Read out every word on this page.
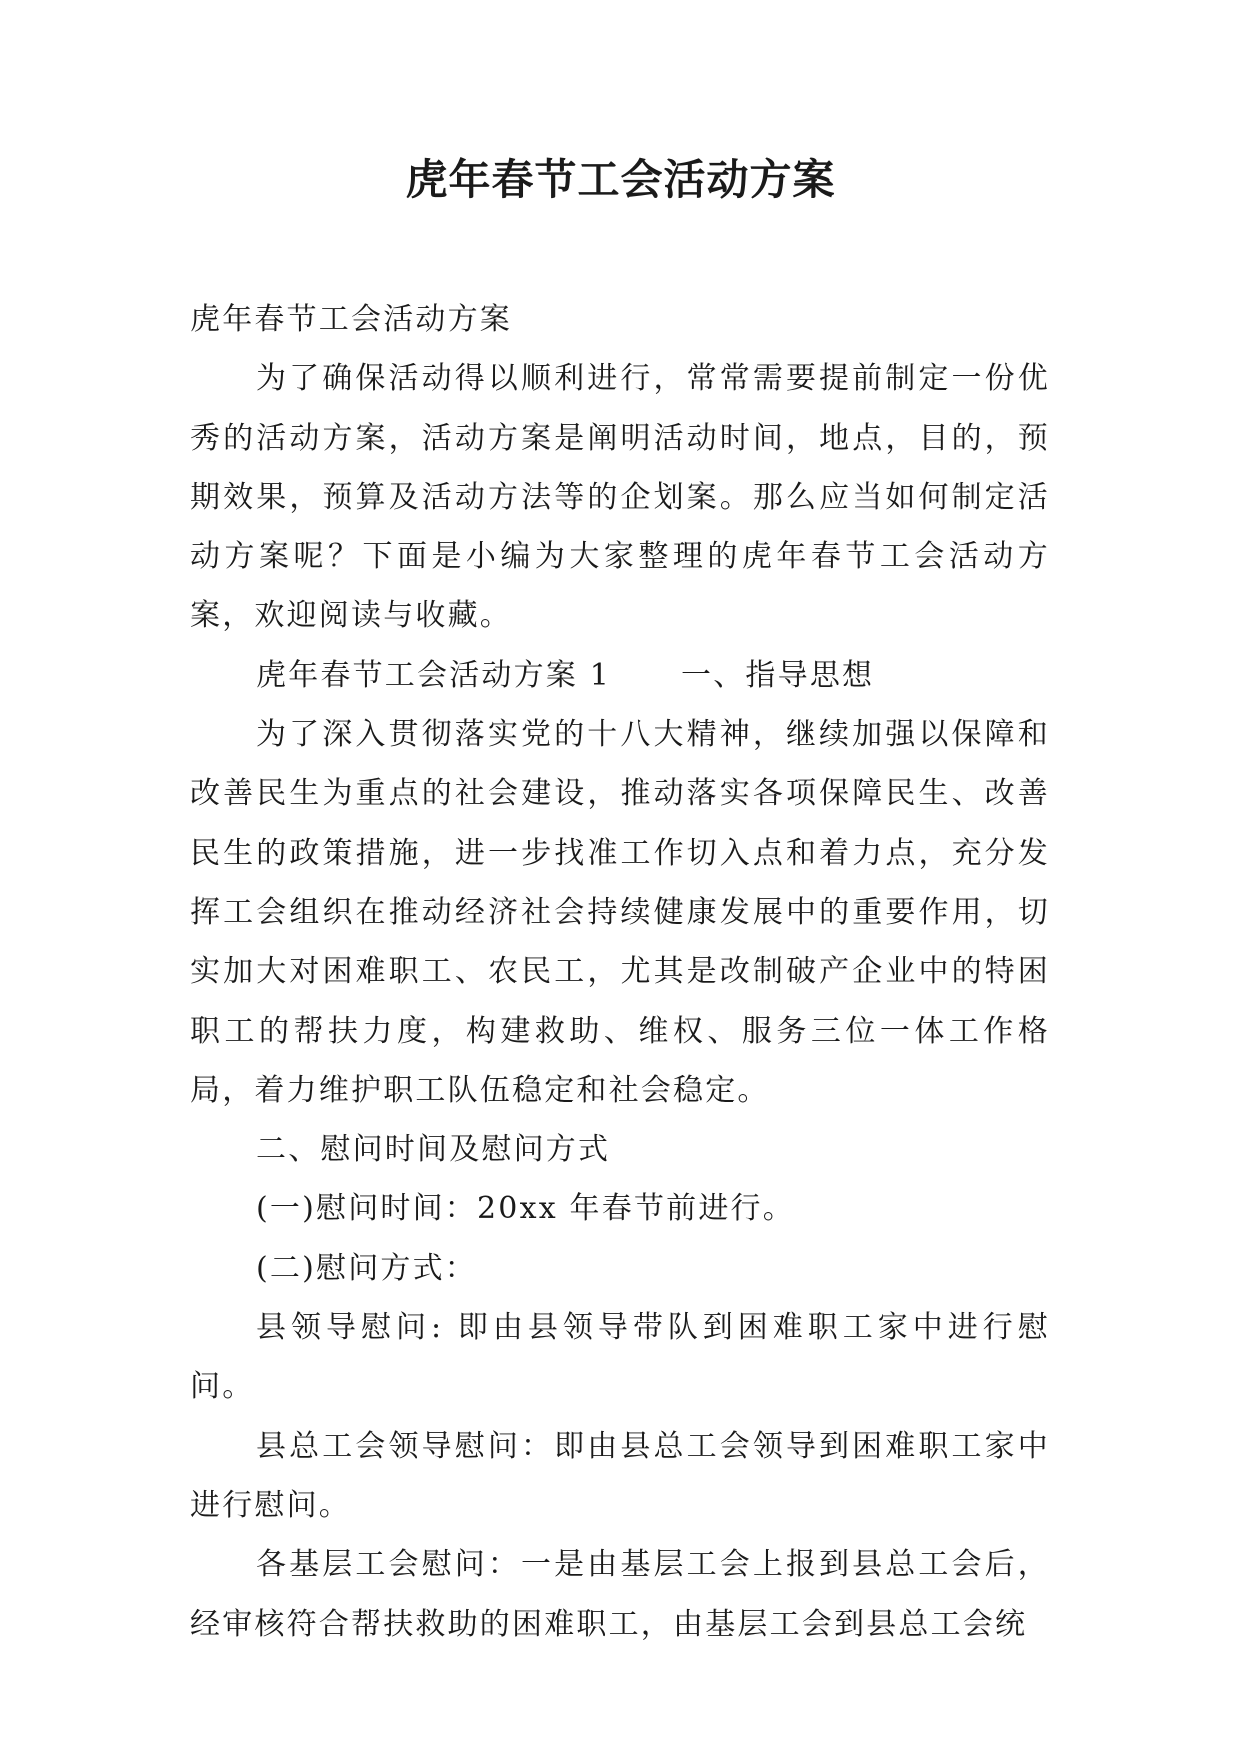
虎年春节工会活动方案

虎年春节工会活动方案

为了确保活动得以顺利进行，常常需要提前制定一份优秀的活动方案，活动方案是阐明活动时间，地点，目的，预期效果，预算及活动方法等的企划案。那么应当如何制定活动方案呢？下面是小编为大家整理的虎年春节工会活动方案，欢迎阅读与收藏。

虎年春节工会活动方案 1 一、指导思想

为了深入贯彻落实党的十八大精神，继续加强以保障和改善民生为重点的社会建设，推动落实各项保障民生、改善民生的政策措施，进一步找准工作切入点和着力点，充分发挥工会组织在推动经济社会持续健康发展中的重要作用，切实加大对困难职工、农民工，尤其是改制破产企业中的特困职工的帮扶力度，构建救助、维权、服务三位一体工作格局，着力维护职工队伍稳定和社会稳定。

二、慰问时间及慰问方式

(一)慰问时间：20xx 年春节前进行。

(二)慰问方式：

县领导慰问: 即由县领导带队到困难职工家中进行慰问。

县总工会领导慰问：即由县总工会领导到困难职工家中进行慰问。

各基层工会慰问：一是由基层工会上报到县总工会后，经审核符合帮扶救助的困难职工，由基层工会到县总工会统
